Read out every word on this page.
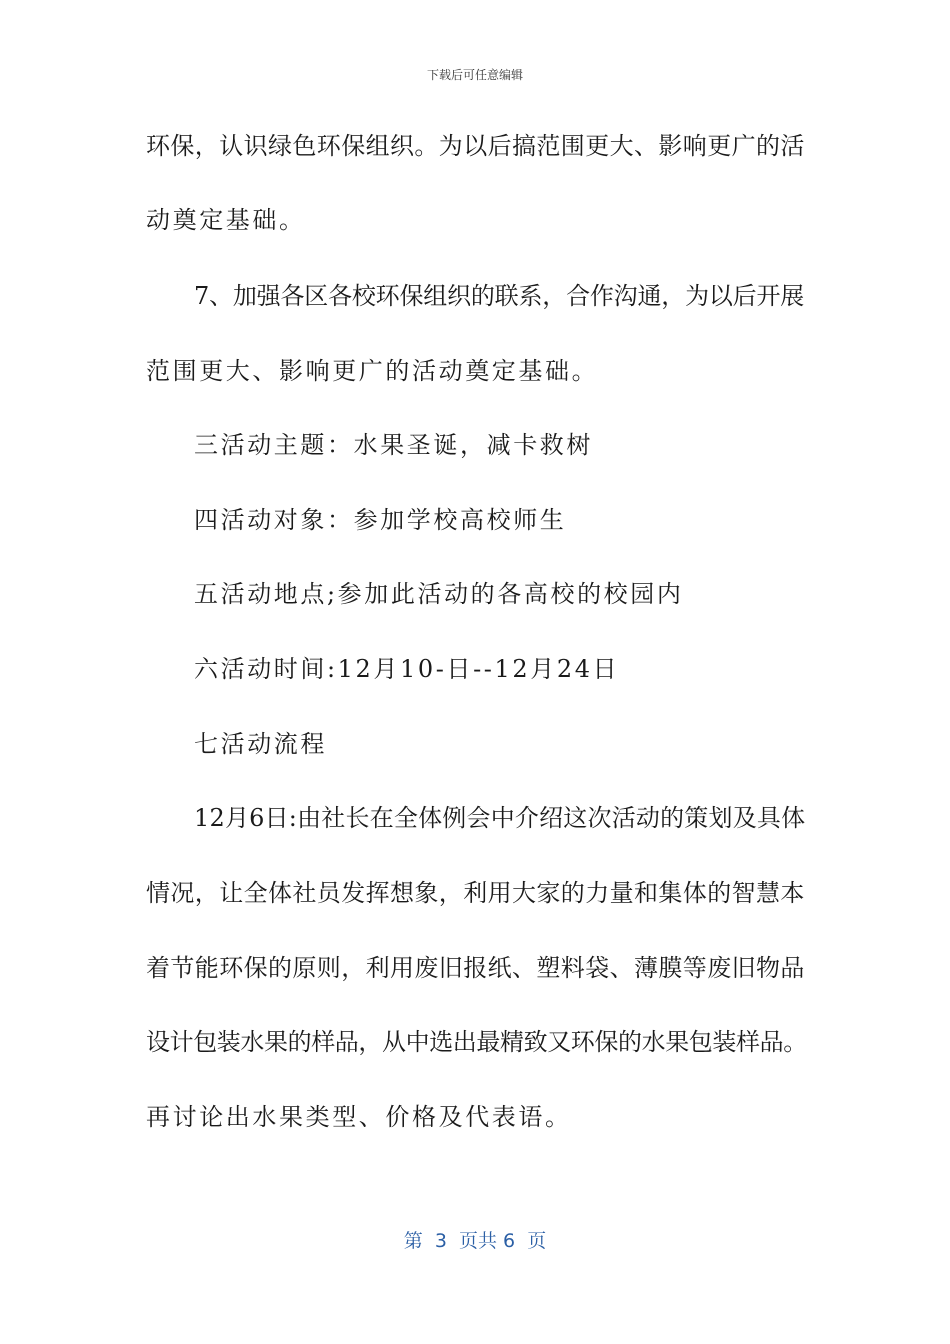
下载后可任意编辑
环保，认识绿色环保组织。为以后搞范围更大、影响更广的活
动奠定基础。
7、加强各区各校环保组织的联系，合作沟通，为以后开展
范围更大、影响更广的活动奠定基础。
三活动主题：水果圣诞，减卡救树
四活动对象：参加学校高校师生
五活动地点;参加此活动的各高校的校园内
六活动时间:12月10-日--12月24日
七活动流程
12月6日:由社长在全体例会中介绍这次活动的策划及具体
情况，让全体社员发挥想象，利用大家的力量和集体的智慧本
着节能环保的原则，利用废旧报纸、塑料袋、薄膜等废旧物品
设计包装水果的样品，从中选出最精致又环保的水果包装样品。
再讨论出水果类型、价格及代表语。
第  3  页共 6  页
